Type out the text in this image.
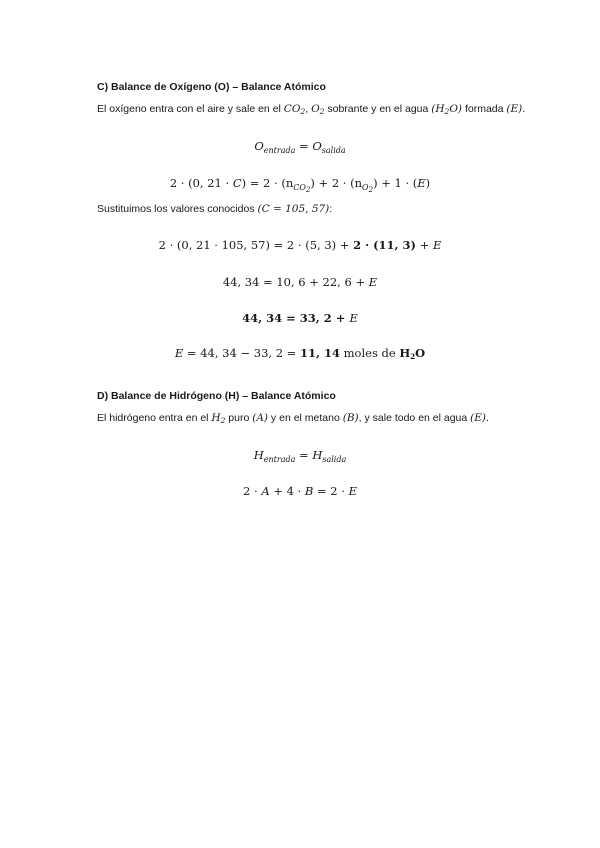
C) Balance de Oxígeno (O) – Balance Atómico
El oxígeno entra con el aire y sale en el $CO_2$, $O_2$ sobrante y en el agua $(H_2O)$ formada (E).
$O_{entrada} = O_{salida}$
2 · (0, $21 \cdot C) = 2 \cdot (n_{CO2}) + 2 \cdot (n_{O2}) + 1 \cdot (E)$
Sustituimos los valores conocidos (C = 105, 57):
2 · (0, 21 · 105, 57) = 2 · (5, 3) + 2 · (11, 3) + E
44, 34 = 10, 6 + 22, 6 + E
44, 34 = 33, 2 + E
E = 44, 34 − 33, 2 = 11, 14 moles de H2O
D) Balance de Hidrógeno (H) – Balance Atómico
El hidrógeno entra en el $H_2$ puro (A) y en el metano (B), y sale todo en el agua (E).
$H_{entrada} = H_{salida}$
2 · A + 4 · B = 2 · E
